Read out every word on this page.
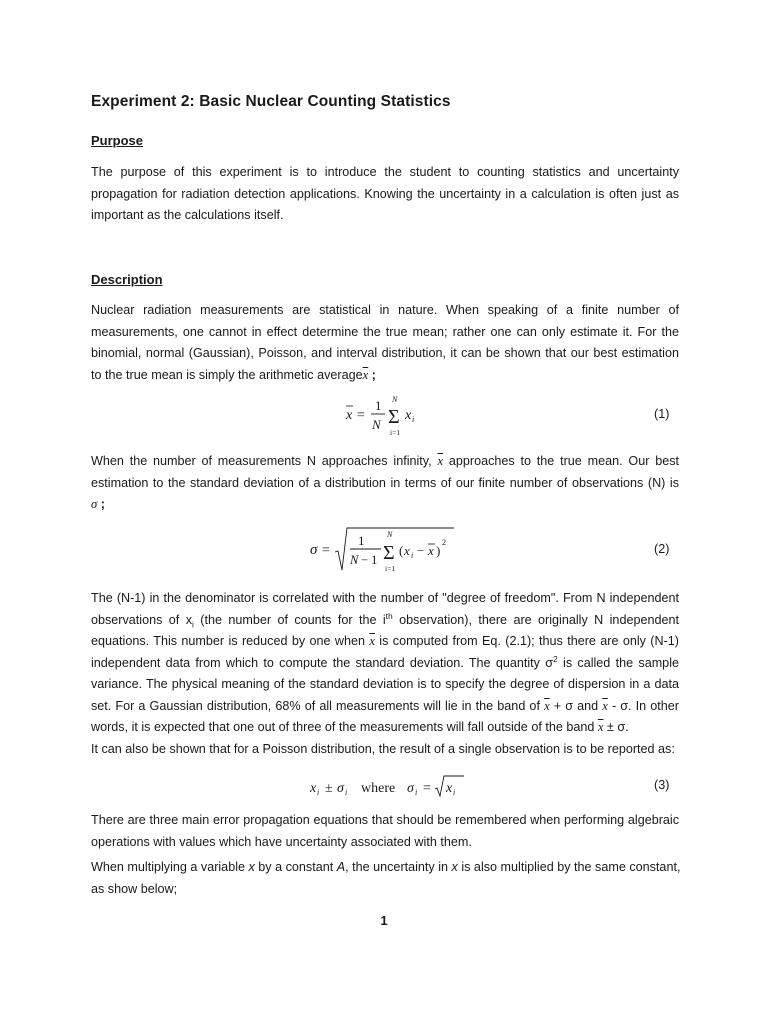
Experiment 2: Basic Nuclear Counting Statistics
Purpose
The purpose of this experiment is to introduce the student to counting statistics and uncertainty
propagation for radiation detection applications. Knowing the uncertainty in a calculation is often just as
important as the calculations itself.
Description
Nuclear radiation measurements are statistical in nature. When speaking of a finite number of
measurements, one cannot in effect determine the true mean; rather one can only estimate it. For the
binomial, normal (Gaussian), Poisson, and interval distribution, it can be shown that our best estimation
to the true mean is simply the arithmetic $average\overline{x}$ ;
x =
1
N
N
Σ
i=1
x i	(1)
When the number of measurements N approaches infinity, $\overline{x}$ approaches to the true mean. Our best
estimation to the standard deviation of a distribution in terms of our finite number of observations (N) is
σ ;
σ =
1
N − 1
N
Σ
i=1
( x i − x )
2	(2)
The (N-1) in the denominator is correlated with the number of "degree of freedom". From N independent
observations of $x_i$ (the number of counts for the $i^{th}$ observation), there are originally N independent
equations. This number is reduced by one when $\overline{x}$ is computed from Eq. (2.1); thus there are only (N-1)
independent data from which to compute the standard deviation. The quantity $\sigma^2$ is called the sample
variance. The physical meaning of the standard deviation is to specify the degree of dispersion in a data
set. For a Gaussian distribution, 68% of all measurements will lie in the band of $\overline{x} + \sigma$ and $\overline{x}$ - σ. In other
words, it is expected that one out of three of the measurements will fall outside of the band $\overline{x} \pm \sigma$.
It can also be shown that for a Poisson distribution, the result of a single observation is to be reported as:
x i ± σ i where σ i = x i
(3)
There are three main error propagation equations that should be remembered when performing algebraic
operations with values which have uncertainty associated with them.
When multiplying a variable x by a constant A, the uncertainty in x is also multiplied by the same constant,
as show below;
1
